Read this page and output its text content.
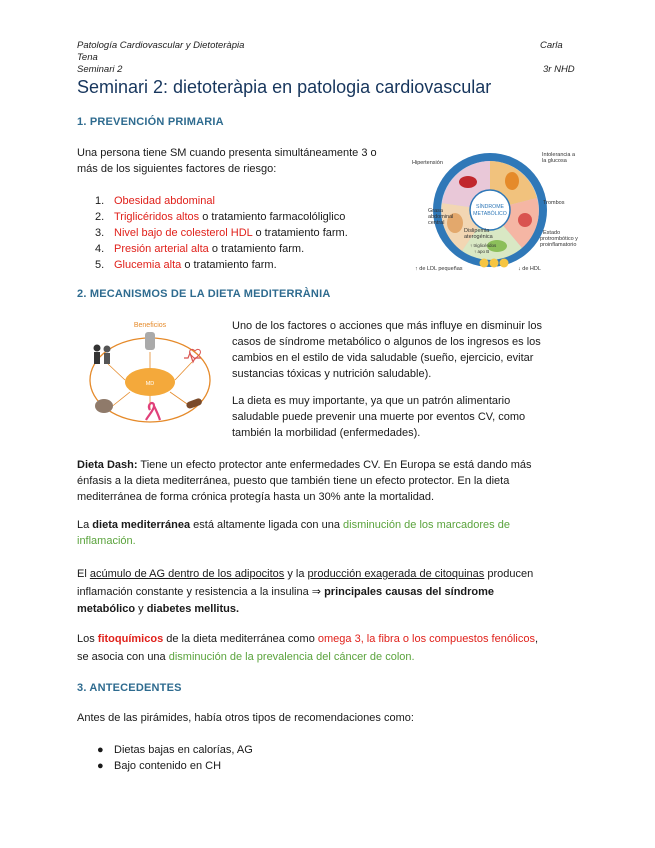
Patología Cardiovascular y Dietoteràpia
Tena
Seminari 2
Carla
3r NHD
Seminari 2: dietoteràpia en patologia cardiovascular
1. PREVENCIÓN PRIMARIA
Una persona tiene SM cuando presenta simultáneamente 3 o
más de los siguientes factores de riesgo:
1. Obesidad abdominal
2. Triglicéridos altos o tratamiento farmacolóliglico
3. Nivel bajo de colesterol HDL o tratamiento farm.
4. Presión arterial alta o tratamiento farm.
5. Glucemia alta o tratamiento farm.
SÍNDROME
METABÓLICO
Hipertensión
Intolerancia a
la glucosa
Trombos
Grasa
abdominal
central
Estado
protrombótico y
proinflamatorio
Dislipemia
aterogénica
↑ triglicéridos
↑ apo B
↑ de LDL pequeñas	↓ de HDL
2. MECANISMOS DE LA DIETA MEDITERRÀNIA
Beneficios
MD
Uno de los factores o acciones que más influye en disminuir los
casos de síndrome metabólico o algunos de los ingresos es los
cambios en el estilo de vida saludable (sueño, ejercicio, evitar
sustancias tóxicas y nutrición saludable).
La dieta es muy importante, ya que un patrón alimentario
saludable puede prevenir una muerte por eventos CV, como
también la morbilidad (enfermedades).
Dieta Dash: Tiene un efecto protector ante enfermedades CV. En Europa se está dando más
énfasis a la dieta mediterránea, puesto que también tiene un efecto protector. En la dieta
mediterránea de forma crónica protegía hasta un 30% ante la mortalidad.
La dieta mediterránea está altamente ligada con una disminución de los marcadores de
inflamación.
El acúmulo de AG dentro de los adipocitos y la producción exagerada de citoquinas producen
inflamación constante y resistencia a la insulina ⇒ principales causas del síndrome
metabólico y diabetes mellitus.
Los fitoquímicos de la dieta mediterránea como omega 3, la fibra o los compuestos fenólicos,
se asocia con una disminución de la prevalencia del cáncer de colon.
3. ANTECEDENTES
Antes de las pirámides, había otros tipos de recomendaciones como:
● Dietas bajas en calorías, AG
● Bajo contenido en CH
